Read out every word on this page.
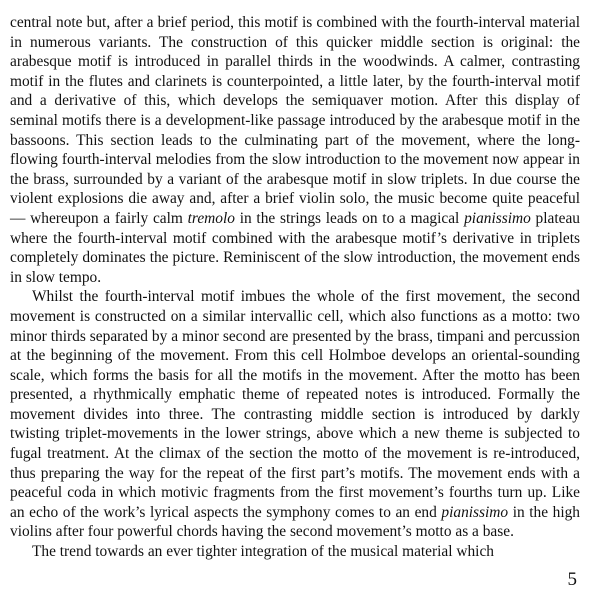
central note but, after a brief period, this motif is combined with the fourth-interval material in numerous variants. The construction of this quicker middle section is original: the arabesque motif is introduced in parallel thirds in the woodwinds. A calmer, contrasting motif in the flutes and clarinets is counterpointed, a little later, by the fourth-interval motif and a derivative of this, which develops the semiquaver motion. After this display of seminal motifs there is a development-like passage introduced by the arabesque motif in the bassoons. This section leads to the culminating part of the movement, where the long-flowing fourth-interval melodies from the slow introduction to the movement now appear in the brass, surrounded by a variant of the arabesque motif in slow triplets. In due course the violent explosions die away and, after a brief violin solo, the music become quite peaceful — whereupon a fairly calm tremolo in the strings leads on to a magical pianissimo plateau where the fourth-interval motif combined with the arabesque motif’s derivative in triplets completely dominates the picture. Reminiscent of the slow introduction, the movement ends in slow tempo.

Whilst the fourth-interval motif imbues the whole of the first movement, the second movement is constructed on a similar intervallic cell, which also functions as a motto: two minor thirds separated by a minor second are presented by the brass, timpani and percussion at the beginning of the movement. From this cell Holmboe develops an oriental-sounding scale, which forms the basis for all the motifs in the movement. After the motto has been presented, a rhythmically emphatic theme of repeated notes is introduced. Formally the movement divides into three. The contrasting middle section is introduced by darkly twisting triplet-movements in the lower strings, above which a new theme is subjected to fugal treatment. At the climax of the section the motto of the movement is re-introduced, thus preparing the way for the repeat of the first part’s motifs. The movement ends with a peaceful coda in which motivic fragments from the first movement’s fourths turn up. Like an echo of the work’s lyrical aspects the symphony comes to an end pianissimo in the high violins after four powerful chords having the second movement’s motto as a base.

The trend towards an ever tighter integration of the musical material which

5
